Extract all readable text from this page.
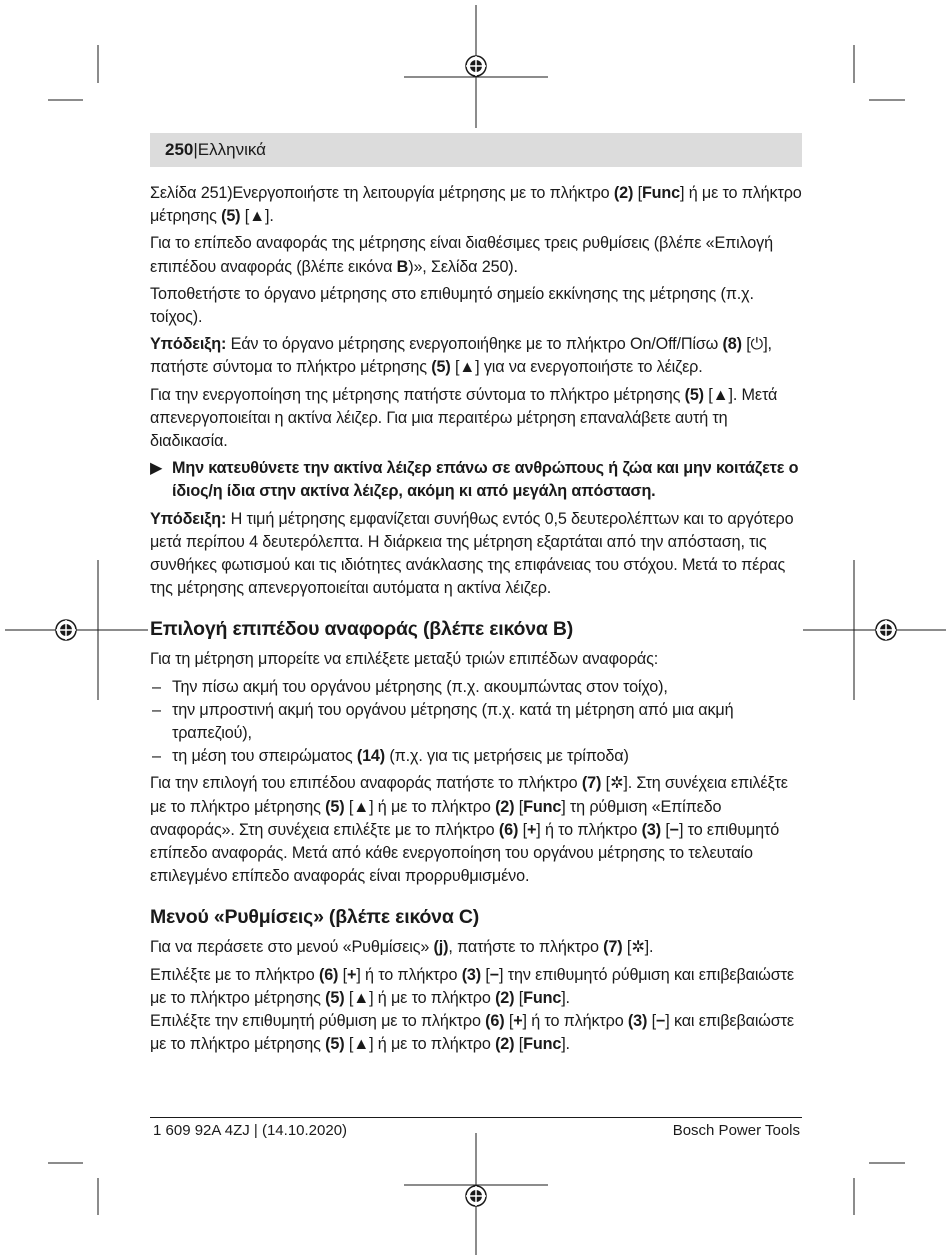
250|Ελληνικά

Σελίδα 251)Ενεργοποιήστε τη λειτουργία μέτρησης με το πλήκτρο (2) [Func] ή με το πλήκτρο μέτρησης (5) [▲].

Για το επίπεδο αναφοράς της μέτρησης είναι διαθέσιμες τρεις ρυθμίσεις (βλέπε «Επιλογή επιπέδου αναφοράς (βλέπε εικόνα B)», Σελίδα 250).

Τοποθετήστε το όργανο μέτρησης στο επιθυμητό σημείο εκκίνησης της μέτρησης (π.χ. τοίχος).

Υπόδειξη: Εάν το όργανο μέτρησης ενεργοποιήθηκε με το πλήκτρο On/Off/Πίσω (8) [⏻], πατήστε σύντομα το πλήκτρο μέτρησης (5) [▲] για να ενεργοποιήστε το λέιζερ.

Για την ενεργοποίηση της μέτρησης πατήστε σύντομα το πλήκτρο μέτρησης (5) [▲]. Μετά απενεργοποιείται η ακτίνα λέιζερ. Για μια περαιτέρω μέτρηση επαναλάβετε αυτή τη διαδικασία.

▶ Μην κατευθύνετε την ακτίνα λέιζερ επάνω σε ανθρώπους ή ζώα και μην κοιτάζετε ο ίδιος/η ίδια στην ακτίνα λέιζερ, ακόμη κι από μεγάλη απόσταση.

Υπόδειξη: Η τιμή μέτρησης εμφανίζεται συνήθως εντός 0,5 δευτερολέπτων και το αργότερο μετά περίπου 4 δευτερόλεπτα. Η διάρκεια της μέτρηση εξαρτάται από την απόσταση, τις συνθήκες φωτισμού και τις ιδιότητες ανάκλασης της επιφάνειας του στόχου. Μετά το πέρας της μέτρησης απενεργοποιείται αυτόματα η ακτίνα λέιζερ.

Επιλογή επιπέδου αναφοράς (βλέπε εικόνα B)

Για τη μέτρηση μπορείτε να επιλέξετε μεταξύ τριών επιπέδων αναφοράς:

– Την πίσω ακμή του οργάνου μέτρησης (π.χ. ακουμπώντας στον τοίχο),
– την μπροστινή ακμή του οργάνου μέτρησης (π.χ. κατά τη μέτρηση από μια ακμή τραπεζιού),
– τη μέση του σπειρώματος (14) (π.χ. για τις μετρήσεις με τρίποδα)

Για την επιλογή του επιπέδου αναφοράς πατήστε το πλήκτρο (7) [✲]. Στη συνέχεια επιλέξτε με το πλήκτρο μέτρησης (5) [▲] ή με το πλήκτρο (2) [Func] τη ρύθμιση «Επίπεδο αναφοράς». Στη συνέχεια επιλέξτε με το πλήκτρο (6) [+] ή το πλήκτρο (3) [−] το επιθυμητό επίπεδο αναφοράς. Μετά από κάθε ενεργοποίηση του οργάνου μέτρησης το τελευταίο επιλεγμένο επίπεδο αναφοράς είναι προρρυθμισμένο.

Μενού «Ρυθμίσεις» (βλέπε εικόνα C)

Για να περάσετε στο μενού «Ρυθμίσεις» (j), πατήστε το πλήκτρο (7) [✲].

Επιλέξτε με το πλήκτρο (6) [+] ή το πλήκτρο (3) [−] την επιθυμητό ρύθμιση και επιβεβαιώστε με το πλήκτρο μέτρησης (5) [▲] ή με το πλήκτρο (2) [Func].
Επιλέξτε την επιθυμητή ρύθμιση με το πλήκτρο (6) [+] ή το πλήκτρο (3) [−] και επιβεβαιώστε με το πλήκτρο μέτρησης (5) [▲] ή με το πλήκτρο (2) [Func].

1 609 92A 4ZJ | (14.10.2020)	Bosch Power Tools
